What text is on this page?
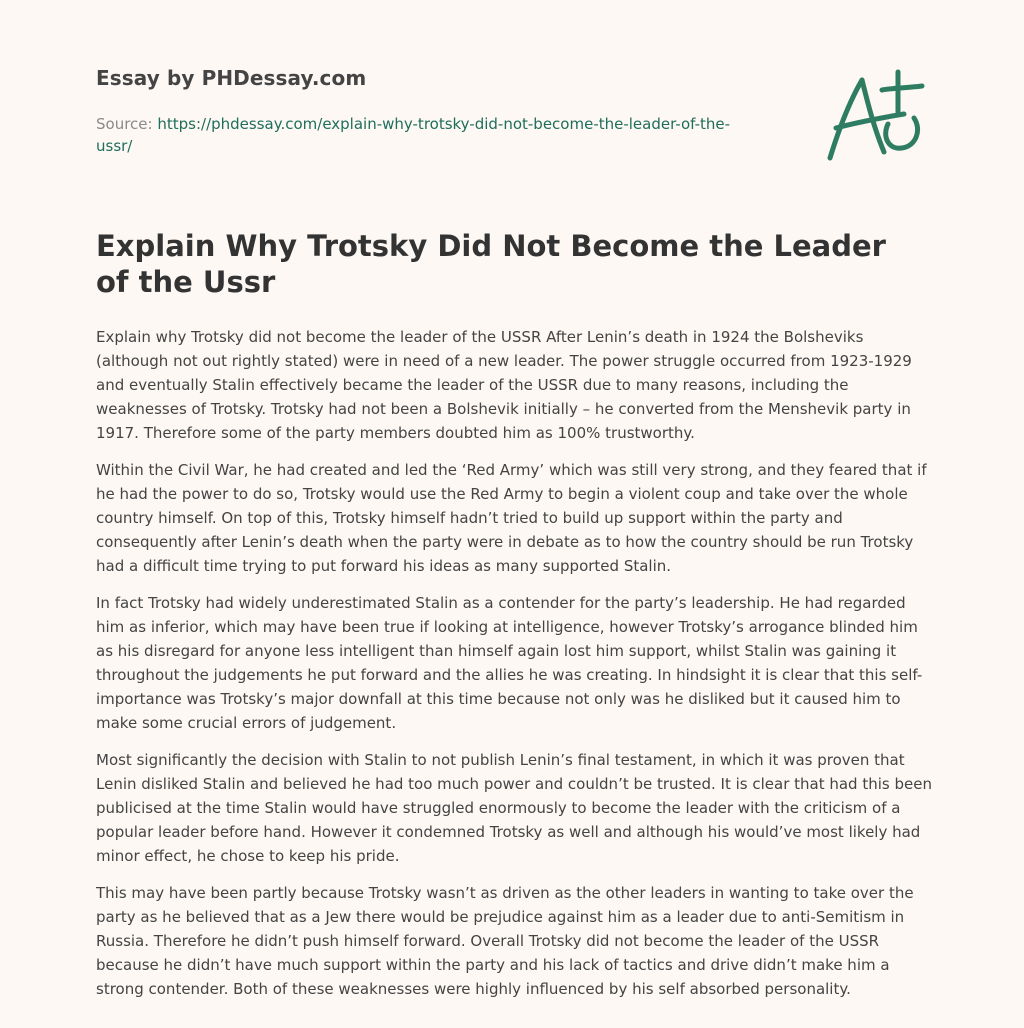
Essay by PHDessay.com
Source: https://phdessay.com/explain-why-trotsky-did-not-become-the-leader-of-the-ussr/
Explain Why Trotsky Did Not Become the Leader of the Ussr

Explain why Trotsky did not become the leader of the USSR After Lenin’s death in 1924 the Bolsheviks (although not out rightly stated) were in need of a new leader. The power struggle occurred from 1923-1929 and eventually Stalin effectively became the leader of the USSR due to many reasons, including the weaknesses of Trotsky. Trotsky had not been a Bolshevik initially – he converted from the Menshevik party in 1917. Therefore some of the party members doubted him as 100% trustworthy.

Within the Civil War, he had created and led the ‘Red Army’ which was still very strong, and they feared that if he had the power to do so, Trotsky would use the Red Army to begin a violent coup and take over the whole country himself. On top of this, Trotsky himself hadn’t tried to build up support within the party and consequently after Lenin’s death when the party were in debate as to how the country should be run Trotsky had a difficult time trying to put forward his ideas as many supported Stalin.

In fact Trotsky had widely underestimated Stalin as a contender for the party’s leadership. He had regarded him as inferior, which may have been true if looking at intelligence, however Trotsky’s arrogance blinded him as his disregard for anyone less intelligent than himself again lost him support, whilst Stalin was gaining it throughout the judgements he put forward and the allies he was creating. In hindsight it is clear that this self-importance was Trotsky’s major downfall at this time because not only was he disliked but it caused him to make some crucial errors of judgement.

Most significantly the decision with Stalin to not publish Lenin’s final testament, in which it was proven that Lenin disliked Stalin and believed he had too much power and couldn’t be trusted. It is clear that had this been publicised at the time Stalin would have struggled enormously to become the leader with the criticism of a popular leader before hand. However it condemned Trotsky as well and although his would’ve most likely had minor effect, he chose to keep his pride.

This may have been partly because Trotsky wasn’t as driven as the other leaders in wanting to take over the party as he believed that as a Jew there would be prejudice against him as a leader due to anti-Semitism in Russia. Therefore he didn’t push himself forward. Overall Trotsky did not become the leader of the USSR because he didn’t have much support within the party and his lack of tactics and drive didn’t make him a strong contender. Both of these weaknesses were highly influenced by his self absorbed personality.
